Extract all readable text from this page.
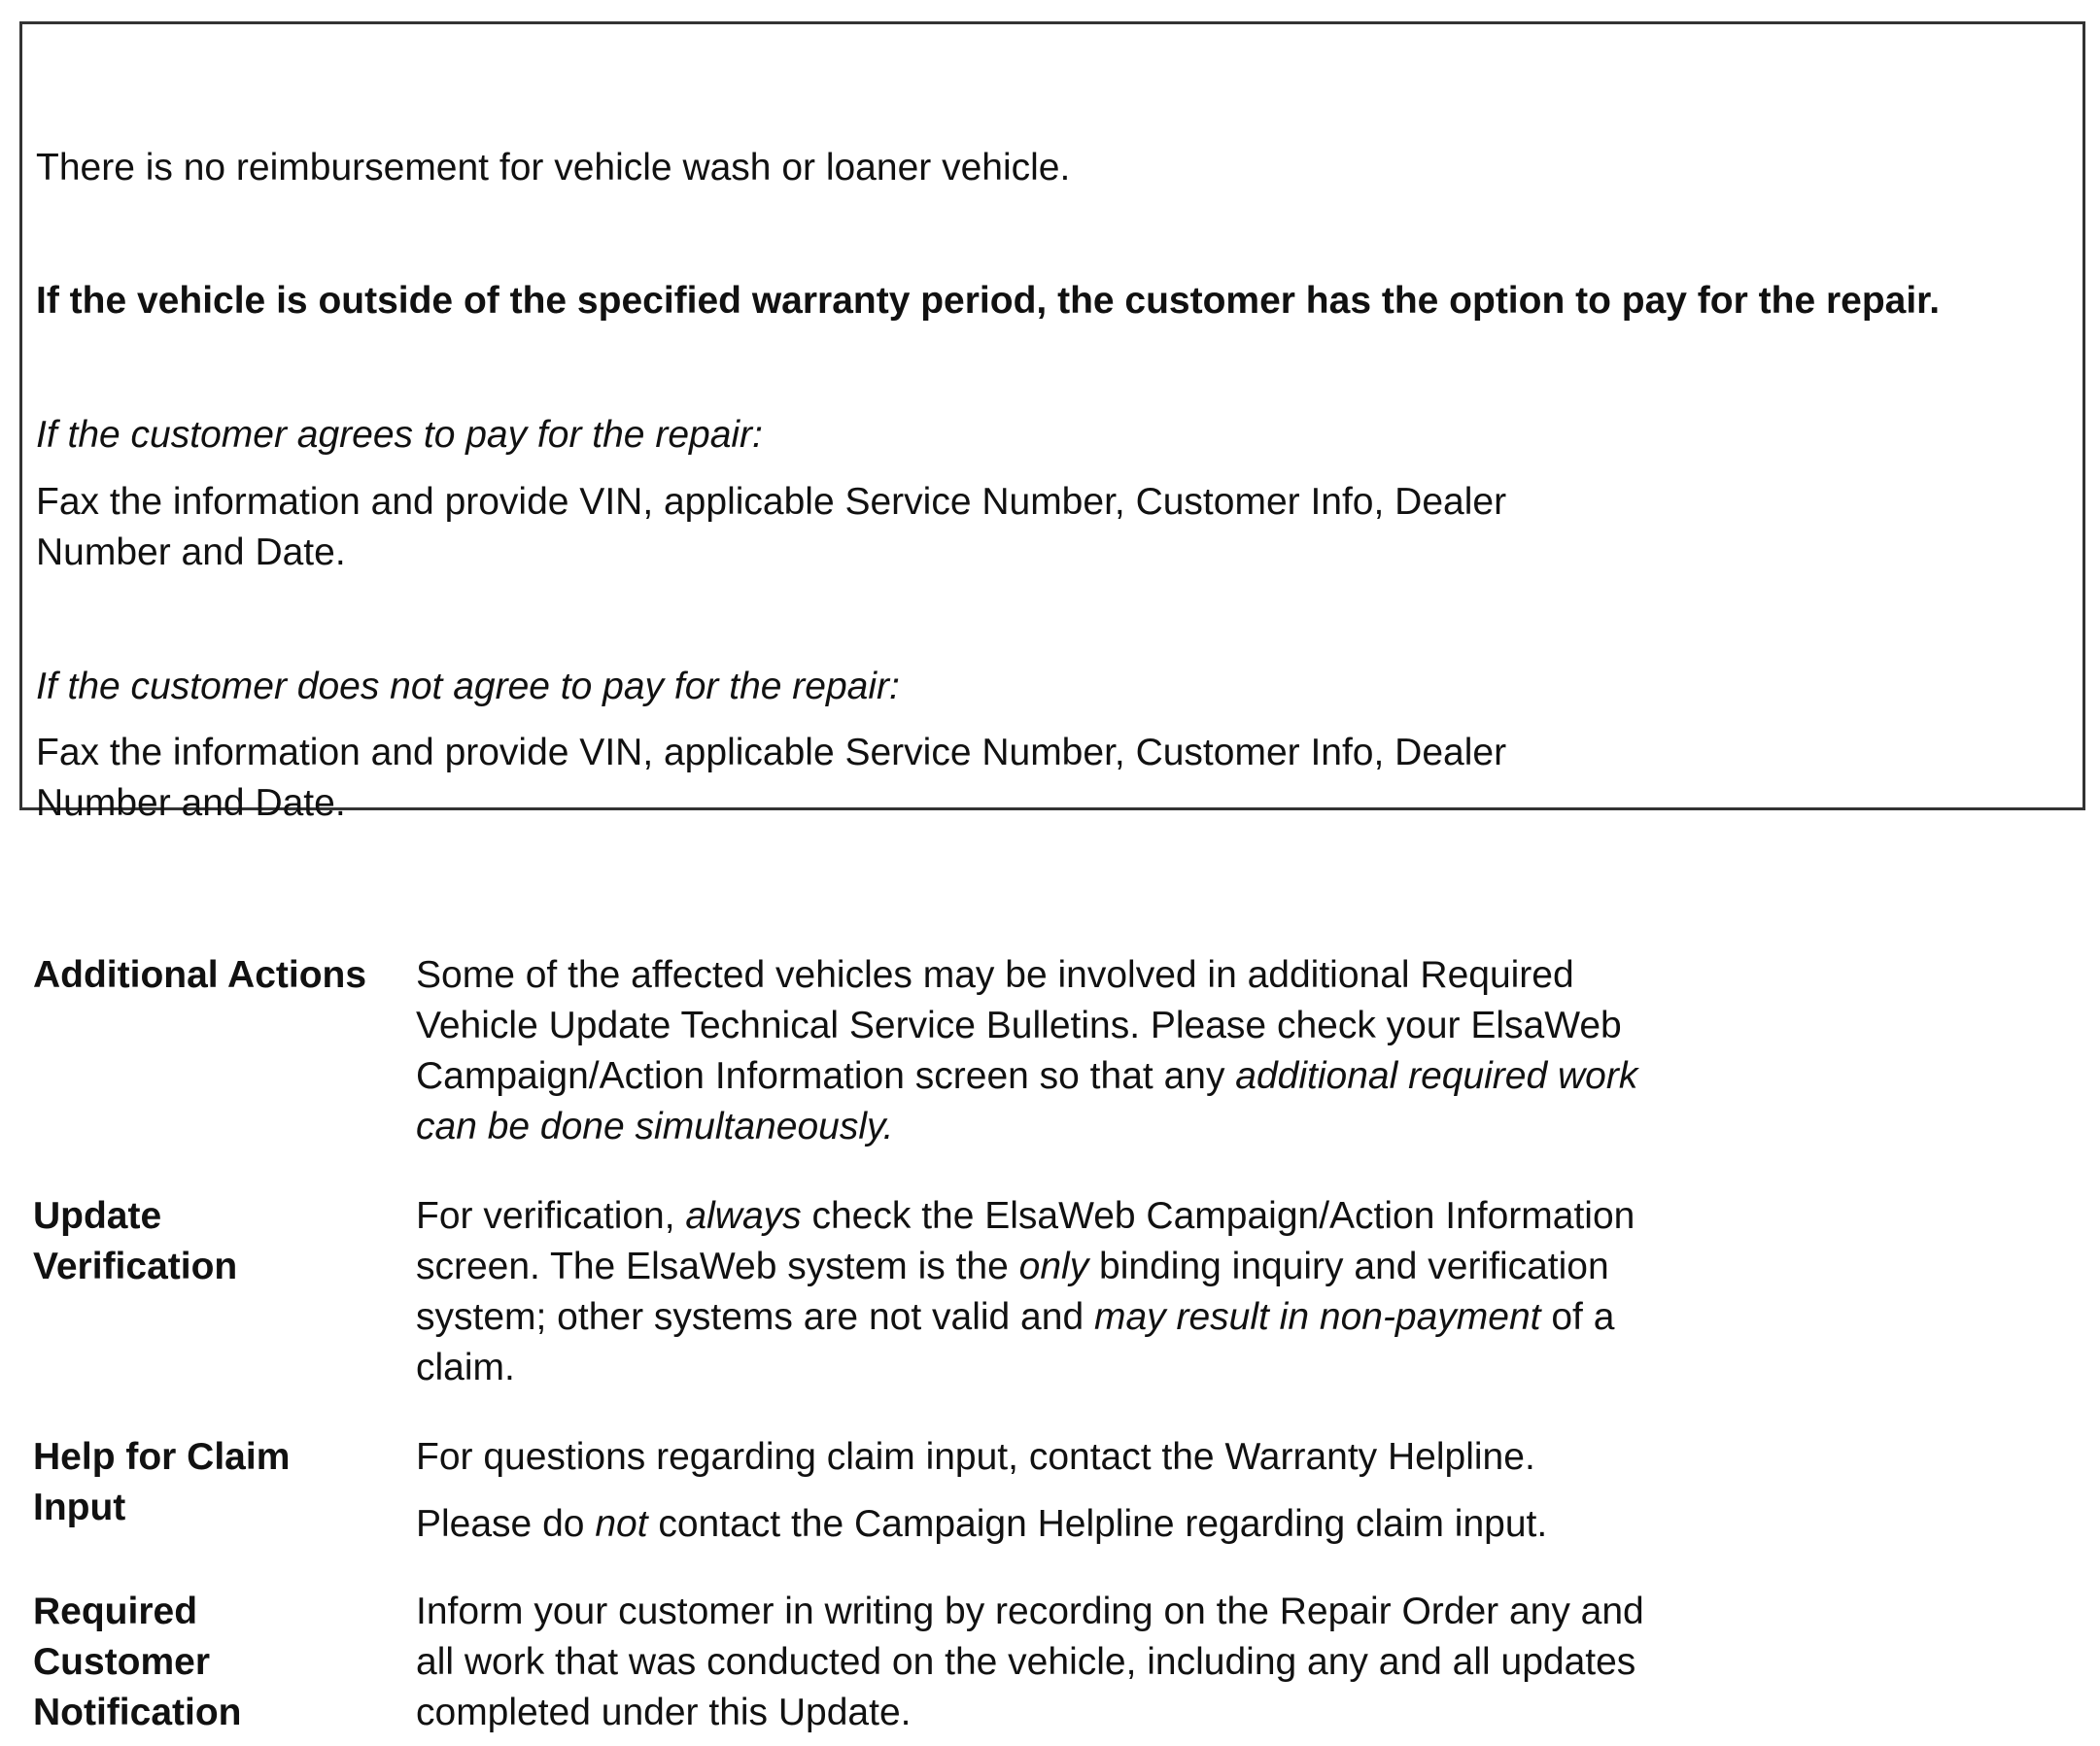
There is no reimbursement for vehicle wash or loaner vehicle.
If the vehicle is outside of the specified warranty period, the customer has the option to pay for the repair.
If the customer agrees to pay for the repair:
Fax the information and provide VIN, applicable Service Number, Customer Info, Dealer
Number and Date.
If the customer does not agree to pay for the repair:
Fax the information and provide VIN, applicable Service Number, Customer Info, Dealer
Number and Date.
Additional Actions	Some of the affected vehicles may be involved in additional Required
Vehicle Update Technical Service Bulletins. Please check your ElsaWeb
Campaign/Action Information screen so that any additional required work
can be done simultaneously.
Update
Verification
For verification, always check the ElsaWeb Campaign/Action Information
screen. The ElsaWeb system is the only binding inquiry and verification
system; other systems are not valid and may result in non-payment of a
claim.
Help for Claim
Input
For questions regarding claim input, contact the Warranty Helpline.
Please do not contact the Campaign Helpline regarding claim input.
Required
Customer
Notification
Inform your customer in writing by recording on the Repair Order any and
all work that was conducted on the vehicle, including any and all updates
completed under this Update.
